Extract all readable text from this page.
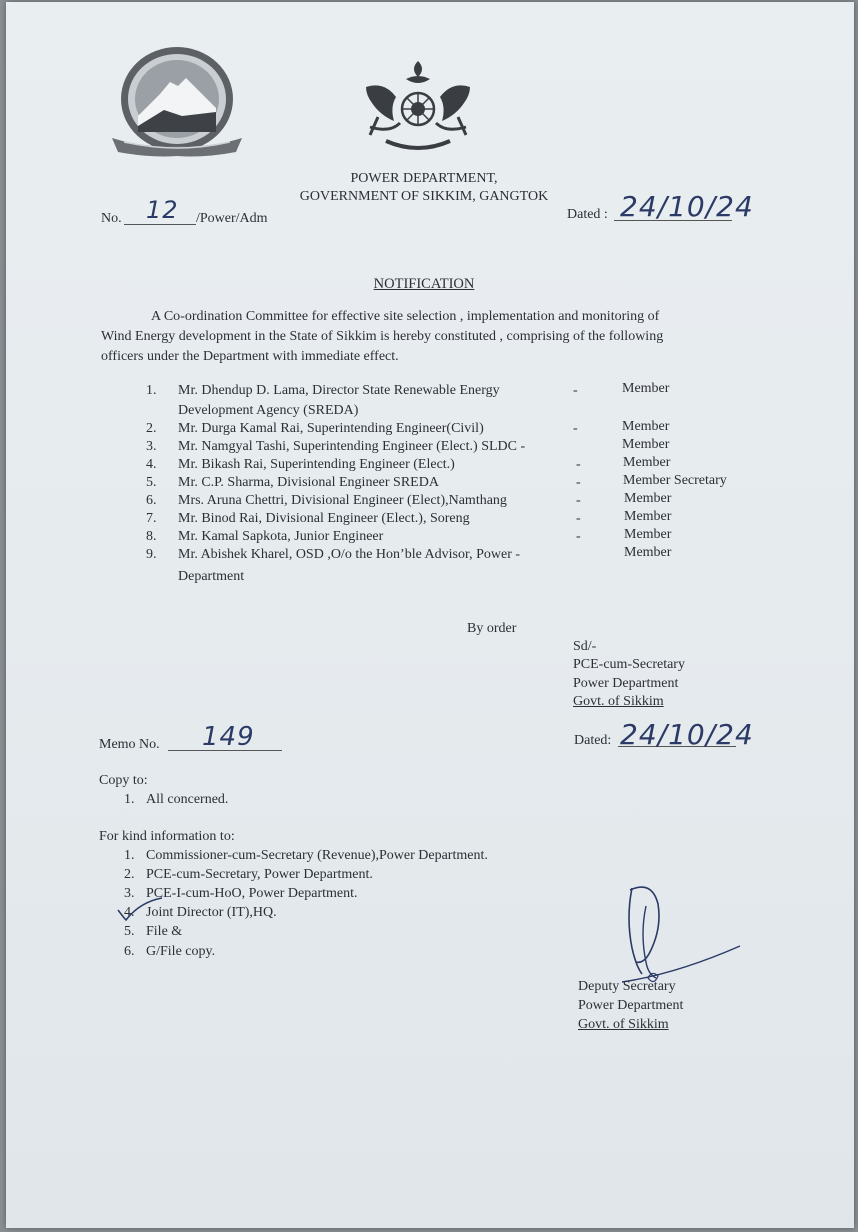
POWER DEPARTMENT,
GOVERNMENT OF SIKKIM, GANGTOK
No. 12 /Power/Adm	Dated : 24/10/24
NOTIFICATION
A Co-ordination Committee for effective site selection , implementation and monitoring of
Wind Energy development in the State of Sikkim is hereby constituted , comprising of the following
officers under the Department with immediate effect.
1. Mr. Dhendup D. Lama, Director State Renewable Energy	-	Member
Development Agency (SREDA)
2. Mr. Durga Kamal Rai, Superintending Engineer(Civil)	-	Member
3. Mr. Namgyal Tashi, Superintending Engineer (Elect.) SLDC -	Member
4. Mr. Bikash Rai, Superintending Engineer (Elect.)	-	Member
5. Mr. C.P. Sharma, Divisional Engineer SREDA	-	Member Secretary
6. Mrs. Aruna Chettri, Divisional Engineer (Elect),Namthang	-	Member
7. Mr. Binod Rai, Divisional Engineer (Elect.), Soreng	-	Member
8. Mr. Kamal Sapkota, Junior Engineer	-	Member
9. Mr. Abishek Kharel, OSD ,O/o the Hon’ble Advisor, Power -	Member
Department
By order
Sd/-
PCE-cum-Secretary
Power Department
Govt. of Sikkim
Memo No. 149	Dated: 24/10/24
Copy to:
1. All concerned.
For kind information to:
1. Commissioner-cum-Secretary (Revenue),Power Department.
2. PCE-cum-Secretary, Power Department.
3. PCE-I-cum-HoO, Power Department.
4. Joint Director (IT),HQ.
5. File &
6. G/File copy.
Deputy Secretary
Power Department
Govt. of Sikkim
